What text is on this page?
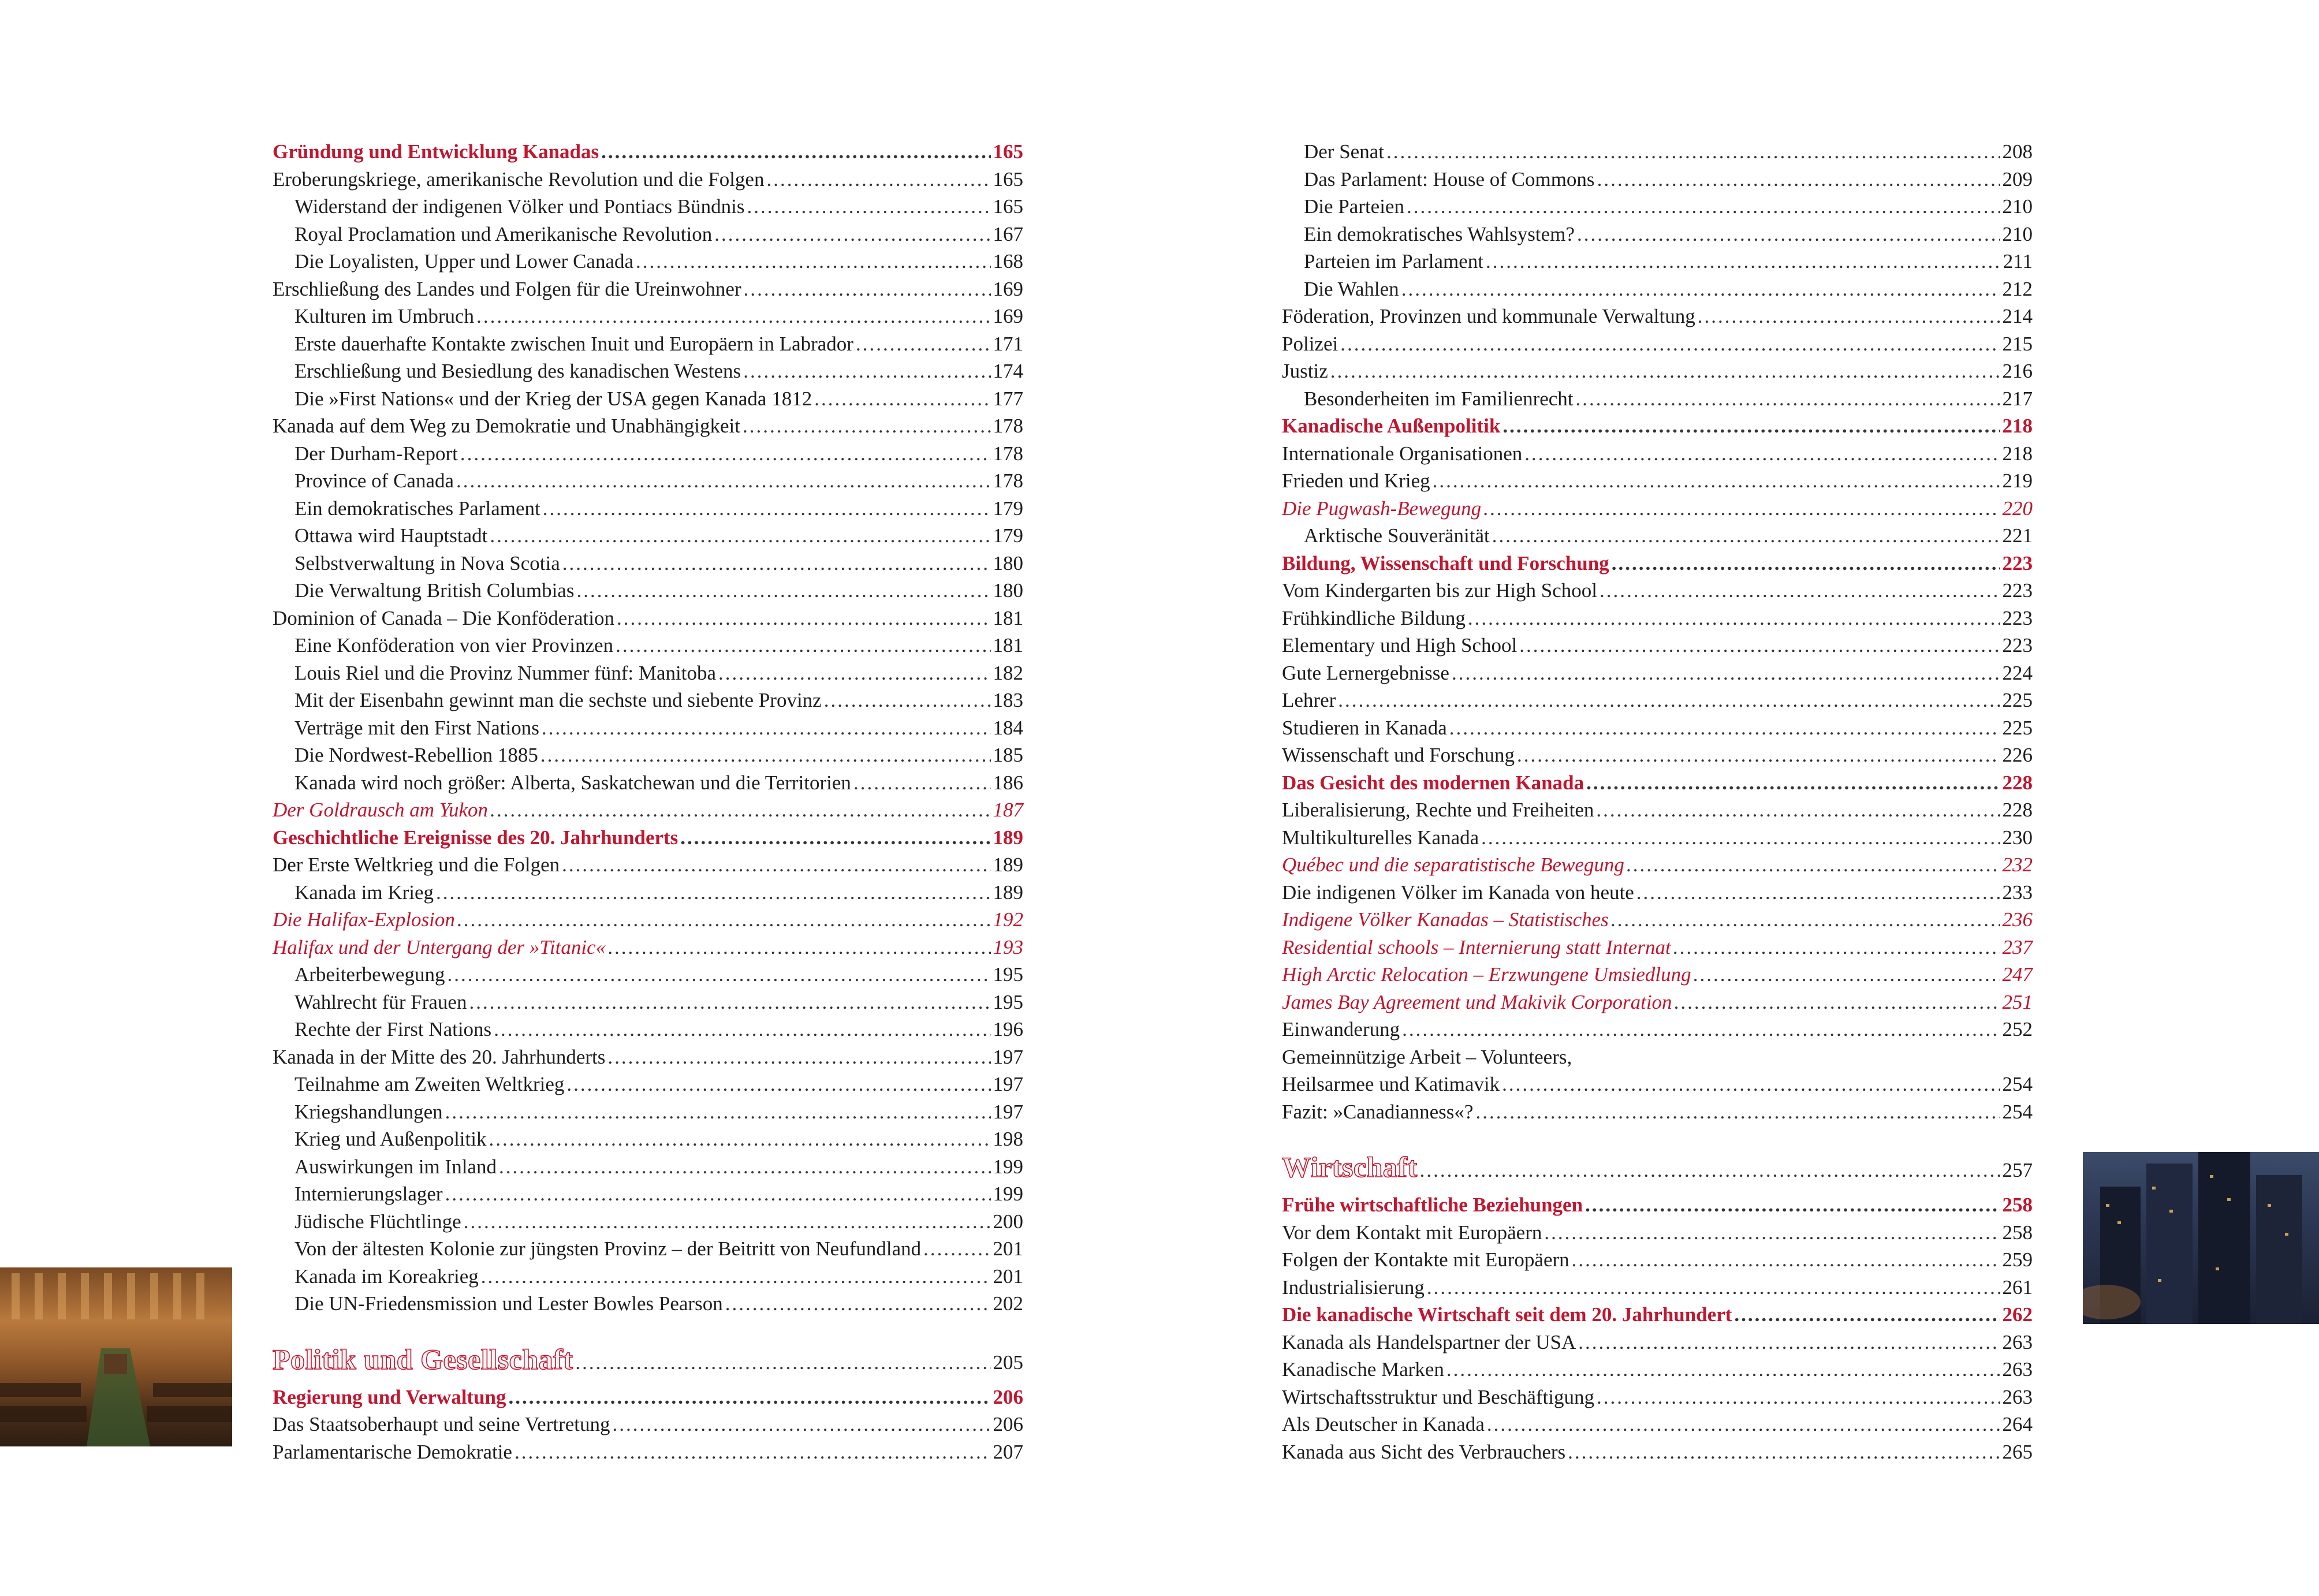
Gründung und Entwicklung Kanadas .....	165
Eroberungskriege, amerikanische Revolution und die Folgen .....	165
Widerstand der indigenen Völker und Pontiacs Bündnis .....	165
Royal Proclamation und Amerikanische Revolution .....	167
Die Loyalisten, Upper und Lower Canada .....	168
Erschließung des Landes und Folgen für die Ureinwohner .....	169
Kulturen im Umbruch .....	169
Erste dauerhafte Kontakte zwischen Inuit und Europäern in Labrador .....	171
Erschließung und Besiedlung des kanadischen Westens .....	174
Die »First Nations« und der Krieg der USA gegen Kanada 1812 .....	177
Kanada auf dem Weg zu Demokratie und Unabhängigkeit .....	178
Der Durham-Report .....	178
Province of Canada .....	178
Ein demokratisches Parlament .....	179
Ottawa wird Hauptstadt .....	179
Selbstverwaltung in Nova Scotia .....	180
Die Verwaltung British Columbias .....	180
Dominion of Canada – Die Konföderation .....	181
Eine Konföderation von vier Provinzen .....	181
Louis Riel und die Provinz Nummer fünf: Manitoba .....	182
Mit der Eisenbahn gewinnt man die sechste und siebente Provinz .....	183
Verträge mit den First Nations .....	184
Die Nordwest-Rebellion 1885 .....	185
Kanada wird noch größer: Alberta, Saskatchewan und die Territorien .....	186
Der Goldrausch am Yukon .....	187
Geschichtliche Ereignisse des 20. Jahrhunderts .....	189
Der Erste Weltkrieg und die Folgen .....	189
Kanada im Krieg .....	189
Die Halifax-Explosion .....	192
Halifax und der Untergang der »Titanic« .....	193
Arbeiterbewegung .....	195
Wahlrecht für Frauen .....	195
Rechte der First Nations .....	196
Kanada in der Mitte des 20. Jahrhunderts .....	197
Teilnahme am Zweiten Weltkrieg .....	197
Kriegshandlungen .....	197
Krieg und Außenpolitik .....	198
Auswirkungen im Inland .....	199
Internierungslager .....	199
Jüdische Flüchtlinge .....	200
Von der ältesten Kolonie zur jüngsten Provinz – der Beitritt von Neufundland .....	201
Kanada im Koreakrieg .....	201
Die UN-Friedensmission und Lester Bowles Pearson .....	202
Politik und Gesellschaft .....	205
Regierung und Verwaltung .....	206
Das Staatsoberhaupt und seine Vertretung .....	206
Parlamentarische Demokratie .....	207
Der Senat .....	208
Das Parlament: House of Commons .....	209
Die Parteien .....	210
Ein demokratisches Wahlsystem? .....	210
Parteien im Parlament .....	211
Die Wahlen .....	212
Föderation, Provinzen und kommunale Verwaltung .....	214
Polizei .....	215
Justiz .....	216
Besonderheiten im Familienrecht .....	217
Kanadische Außenpolitik .....	218
Internationale Organisationen .....	218
Frieden und Krieg .....	219
Die Pugwash-Bewegung .....	220
Arktische Souveränität .....	221
Bildung, Wissenschaft und Forschung .....	223
Vom Kindergarten bis zur High School .....	223
Frühkindliche Bildung .....	223
Elementary und High School .....	223
Gute Lernergebnisse .....	224
Lehrer .....	225
Studieren in Kanada .....	225
Wissenschaft und Forschung .....	226
Das Gesicht des modernen Kanada .....	228
Liberalisierung, Rechte und Freiheiten .....	228
Multikulturelles Kanada .....	230
Québec und die separatistische Bewegung .....	232
Die indigenen Völker im Kanada von heute .....	233
Indigene Völker Kanadas – Statistisches .....	236
Residential schools – Internierung statt Internat .....	237
High Arctic Relocation – Erzwungene Umsiedlung .....	247
James Bay Agreement und Makivik Corporation .....	251
Einwanderung .....	252
Gemeinnützige Arbeit – Volunteers,
Heilsarmee und Katimavik .....	254
Fazit: »Canadianness«? .....	254
Wirtschaft .....	257
Frühe wirtschaftliche Beziehungen .....	258
Vor dem Kontakt mit Europäern .....	258
Folgen der Kontakte mit Europäern .....	259
Industrialisierung .....	261
Die kanadische Wirtschaft seit dem 20. Jahrhundert .....	262
Kanada als Handelspartner der USA .....	263
Kanadische Marken .....	263
Wirtschaftsstruktur und Beschäftigung .....	263
Als Deutscher in Kanada .....	264
Kanada aus Sicht des Verbrauchers .....	265
